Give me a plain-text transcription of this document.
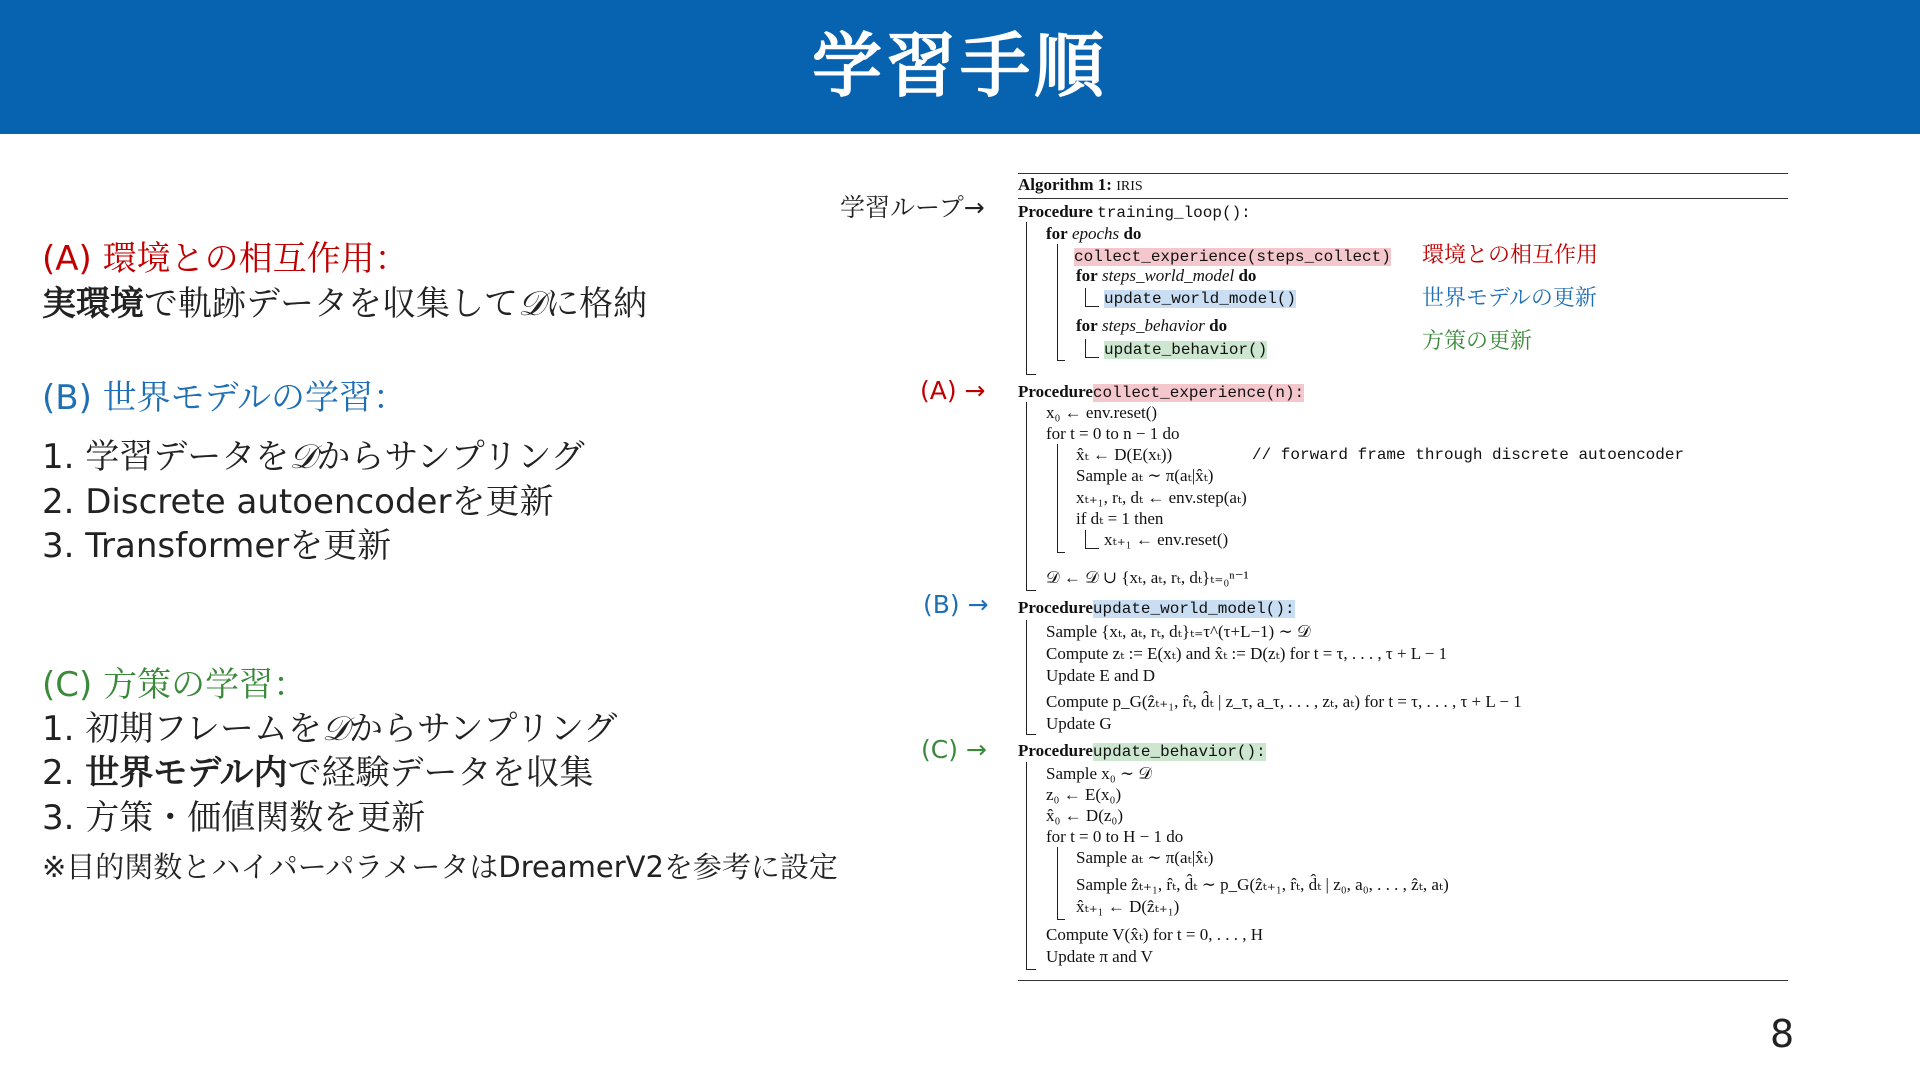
学習手順
(A) 環境との相互作用：
実環境で軌跡データを収集して𝒟に格納
(B) 世界モデルの学習：
1. 学習データを𝒟からサンプリング
2. Discrete autoencoderを更新
3. Transformerを更新
(C) 方策の学習：
1. 初期フレームを𝒟からサンプリング
2. 世界モデル内で経験データを収集
3. 方策・価値関数を更新
※目的関数とハイパーパラメータはDreamerV2を参考に設定
学習ループ→
(A) →
(B) →
(C) →
環境との相互作用
世界モデルの更新
方策の更新
Algorithm 1: IRIS
Procedure training_loop():
for epochs do
collect_experience(steps_collect)
for steps_world_model do
update_world_model()
for steps_behavior do
update_behavior()
Procedurecollect_experience(n):
x₀ ← env.reset()
for t = 0 to n − 1 do
x̂ₜ ← D(E(xₜ))	// forward frame through discrete autoencoder
Sample aₜ ∼ π(aₜ|x̂ₜ)
xₜ₊₁, rₜ, dₜ ← env.step(aₜ)
if dₜ = 1 then
xₜ₊₁ ← env.reset()
𝒟 ← 𝒟 ∪ {xₜ, aₜ, rₜ, dₜ}ₜ₌₀ⁿ⁻¹
Procedureupdate_world_model():
Sample {xₜ, aₜ, rₜ, dₜ}ₜ₌τ^(τ+L−1) ∼ 𝒟
Compute zₜ := E(xₜ) and x̂ₜ := D(zₜ) for t = τ, . . . , τ + L − 1
Update E and D
Compute p_G(ẑₜ₊₁, r̂ₜ, d̂ₜ | z_τ, a_τ, . . . , zₜ, aₜ) for t = τ, . . . , τ + L − 1
Update G
Procedureupdate_behavior():
Sample x₀ ∼ 𝒟
z₀ ← E(x₀)
x̂₀ ← D(z₀)
for t = 0 to H − 1 do
Sample aₜ ∼ π(aₜ|x̂ₜ)
Sample ẑₜ₊₁, r̂ₜ, d̂ₜ ∼ p_G(ẑₜ₊₁, r̂ₜ, d̂ₜ | z₀, a₀, . . . , ẑₜ, aₜ)
x̂ₜ₊₁ ← D(ẑₜ₊₁)
Compute V(x̂ₜ) for t = 0, . . . , H
Update π and V
8
